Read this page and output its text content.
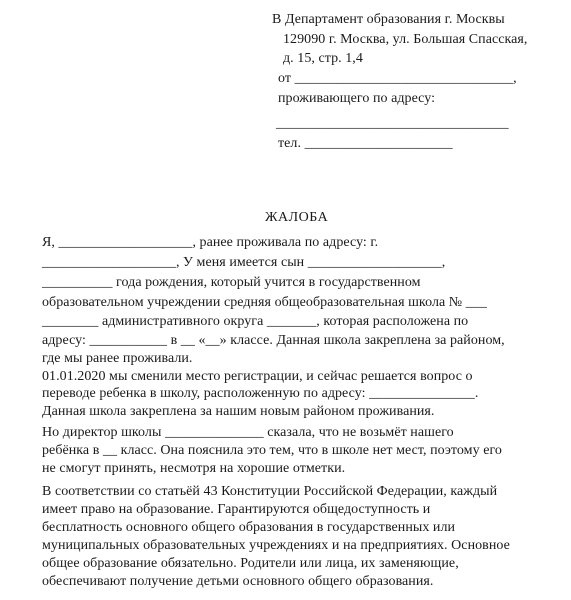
В Департамент образования г. Москвы
129090 г. Москва, ул. Большая Спасская,
д. 15, стр. 1,4
от _______________________________,
проживающего по адресу:
_________________________________
тел. _____________________
ЖАЛОБА
Я, ___________________, ранее проживала по адресу: г.
___________________, У меня имеется сын ___________________,
__________ года рождения, который учится в государственном
образовательном учреждении средняя общеобразовательная школа № ___
________ административного округа _______, которая расположена по
адресу: ___________ в __ «__» классе. Данная школа закреплена за районом,
где мы ранее проживали.
01.01.2020 мы сменили место регистрации, и сейчас решается вопрос о
переводе ребенка в школу, расположенную по адресу: _______________.
Данная школа закреплена за нашим новым районом проживания.
Но директор школы ______________ сказала, что не возьмёт нашего
ребёнка в __ класс. Она пояснила это тем, что в школе нет мест, поэтому его
не смогут принять, несмотря на хорошие отметки.
В соответствии со статьёй 43 Конституции Российской Федерации, каждый
имеет право на образование. Гарантируются общедоступность и
бесплатность основного общего образования в государственных или
муниципальных образовательных учреждениях и на предприятиях. Основное
общее образование обязательно. Родители или лица, их заменяющие,
обеспечивают получение детьми основного общего образования.
